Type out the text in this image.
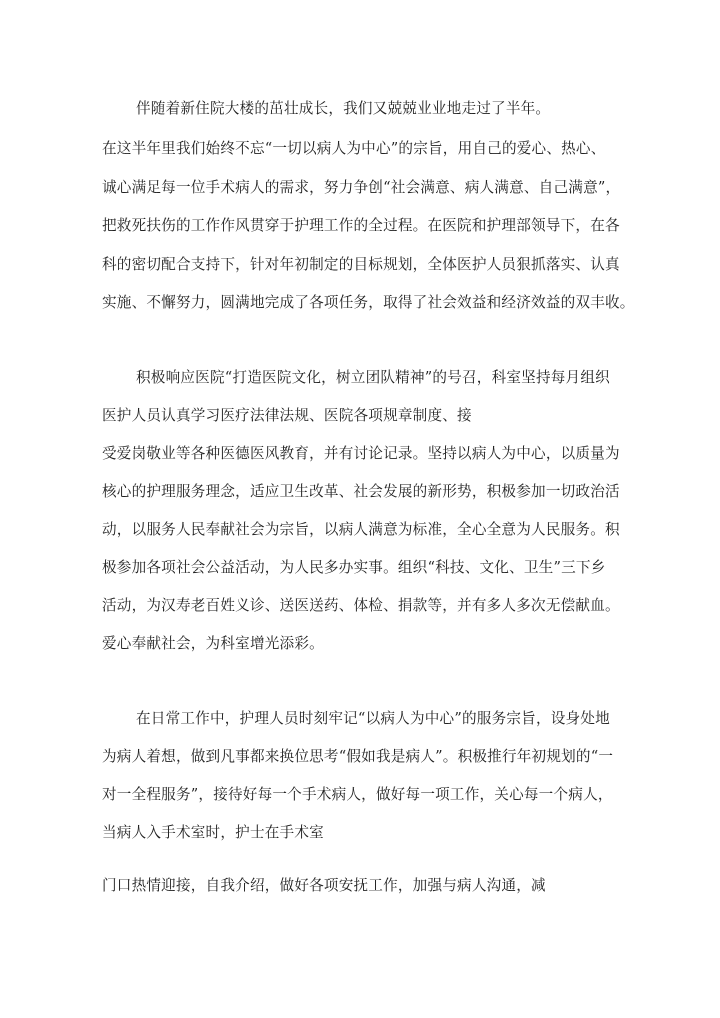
伴随着新住院大楼的茁壮成长，我们又兢兢业业地走过了半年。
在这半年里我们始终不忘“一切以病人为中心”的宗旨，用自己的爱心、热心、
诚心满足每一位手术病人的需求，努力争创“社会满意、病人满意、自己满意”，
把救死扶伤的工作作风贯穿于护理工作的全过程。在医院和护理部领导下，在各
科的密切配合支持下，针对年初制定的目标规划，全体医护人员狠抓落实、认真
实施、不懈努力，圆满地完成了各项任务，取得了社会效益和经济效益的双丰收。
积极响应医院“打造医院文化，树立团队精神”的号召，科室坚持每月组织
医护人员认真学习医疗法律法规、医院各项规章制度、接
受爱岗敬业等各种医德医风教育，并有讨论记录。坚持以病人为中心，以质量为
核心的护理服务理念，适应卫生改革、社会发展的新形势，积极参加一切政治活
动，以服务人民奉献社会为宗旨，以病人满意为标准，全心全意为人民服务。积
极参加各项社会公益活动，为人民多办实事。组织“科技、文化、卫生”三下乡
活动，为汉寿老百姓义诊、送医送药、体检、捐款等，并有多人多次无偿献血。
爱心奉献社会，为科室增光添彩。
在日常工作中，护理人员时刻牢记“以病人为中心”的服务宗旨，设身处地
为病人着想，做到凡事都来换位思考“假如我是病人”。积极推行年初规划的“一
对一全程服务”，接待好每一个手术病人，做好每一项工作，关心每一个病人，
当病人入手术室时，护士在手术室
门口热情迎接，自我介绍，做好各项安抚工作，加强与病人沟通，减
